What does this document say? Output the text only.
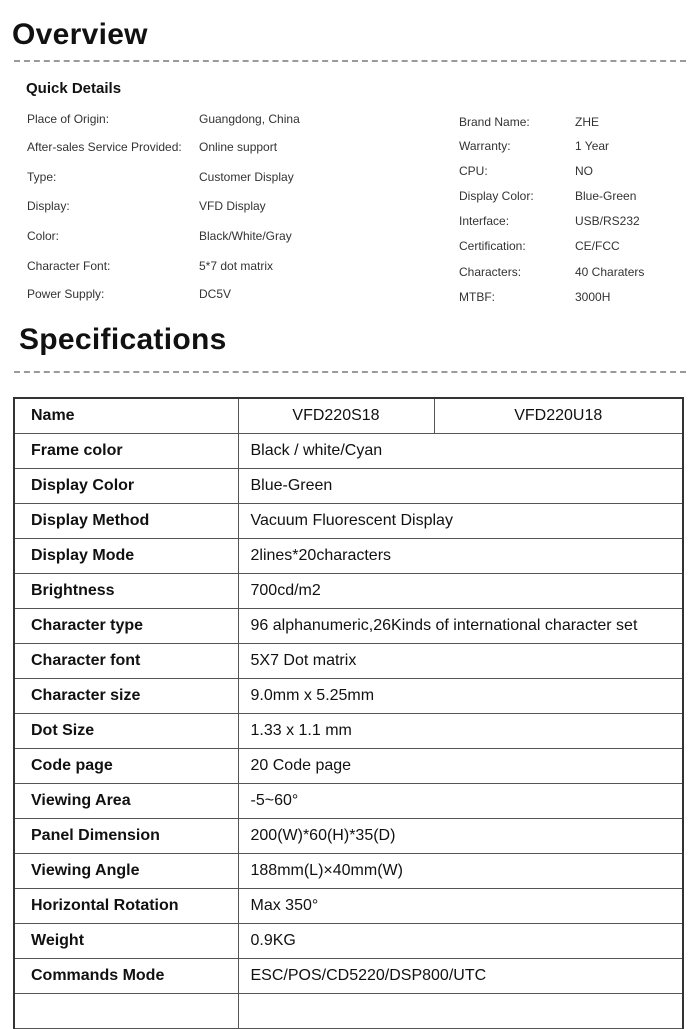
Overview
Quick Details
Place of Origin:	Guangdong, China
After-sales Service Provided: Online support
Type:	Customer Display
Display:	VFD Display
Color:	Black/White/Gray
Character Font:	5*7 dot matrix
Power Supply:	DC5V
Brand Name:	ZHE
Warranty:	1 Year
CPU:	NO
Display Color:	Blue-Green
Interface:	USB/RS232
Certification:	CE/FCC
Characters:	40 Charaters
MTBF:	3000H
Specifications
Name	VFD220S18	VFD220U18
Frame color	Black / white/Cyan	
Display Color	Blue-Green	
Display Method	Vacuum Fluorescent Display	
Display Mode	2lines*20characters	
Brightness	700cd/m2	
Character type	96 alphanumeric,26Kinds of international character set	
Character font	5X7 Dot matrix	
Character size	9.0mm x 5.25mm	
Dot Size	1.33 x 1.1 mm	
Code page	20 Code page	
Viewing Area	-5~60°	
Panel Dimension	200(W)*60(H)*35(D)	
Viewing Angle	188mm(L)×40mm(W)	
Horizontal Rotation	Max 350°	
Weight	0.9KG	
Commands Mode	ESC/POS/CD5220/DSP800/UTC	
